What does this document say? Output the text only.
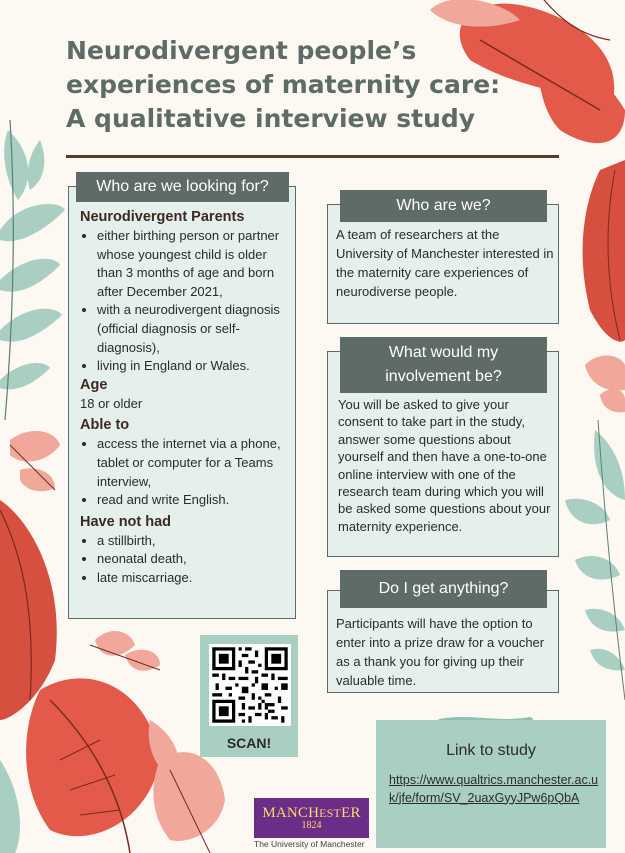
Neurodivergent people’s
experiences of maternity care:
A qualitative interview study
Who are we looking for?
Neurodivergent Parents
• either birthing person or partner whose youngest child is older than 3 months of age and born after December 2021,
• with a neurodivergent diagnosis (official diagnosis or self-diagnosis),
• living in England or Wales.
Age

18 or older

Able to
• access the internet via a phone, tablet or computer for a Teams interview,
• read and write English.
Have not had
• a stillbirth,
• neonatal death,
• late miscarriage.
Who are we?
A team of researchers at the University of Manchester interested in the maternity care experiences of neurodiverse people.
What would my
involvement be?
You will be asked to give your consent to take part in the study, answer some questions about yourself and then have a one-to-one online interview with one of the research team during which you will be asked some questions about your maternity experience.
Do I get anything?
Participants will have the option to enter into a prize draw for a voucher as a thank you for giving up their valuable time.
SCAN!	Link to study
https://www.qualtrics.manchester.ac.uk/jfe/form/SV_2uaxGyyJPw6pQbA
MANCHESTER
1824
The University of Manchester
